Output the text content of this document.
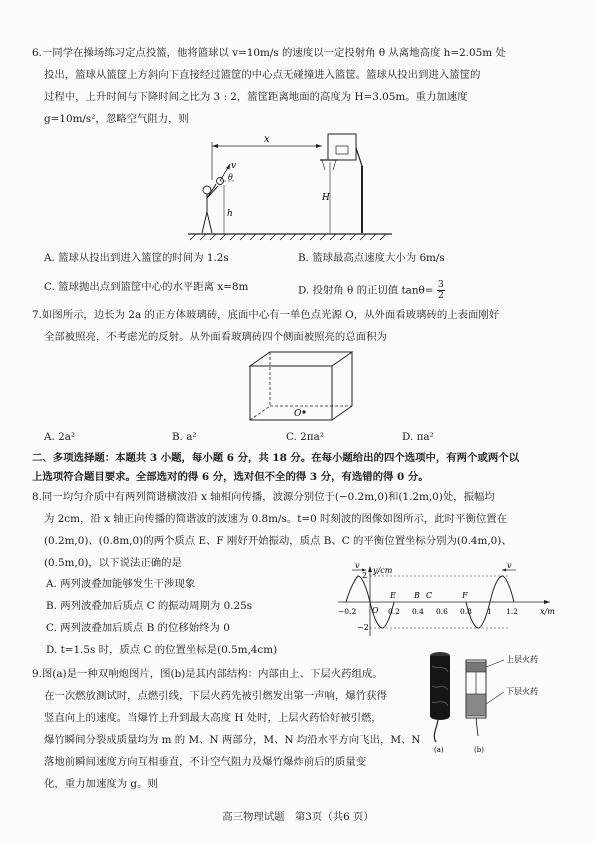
6.一同学在操场练习定点投篮，他将篮球以 v=10m/s 的速度以一定投射角 θ 从离地高度 h=2.05m 处
投出，篮球从篮筐上方斜向下直接经过篮筐的中心点无碰撞进入篮筐。篮球从投出到进入篮筐的
过程中，上升时间与下降时间之比为 3 : 2，篮筐距离地面的高度为 H=3.05m。重力加速度
g=10m/s²，忽略空气阻力，则
x
v
θ
h
H
A. 篮球从投出到进入篮筐的时间为 1.2s	B. 篮球最高点速度大小为 6m/s
C. 篮球抛出点到篮筐中心的水平距离 x=8m	D. 投射角 θ 的正切值 $\tan\theta= \frac{3}{2}$
7.如图所示，边长为 2a 的正方体玻璃砖，底面中心有一单色点光源 O，从外面看玻璃砖的上表面刚好
全部被照亮，不考虑光的反射。从外面看玻璃砖四个侧面被照亮的总面积为
O
A. 2a²	B. a²	C. 2πa²	D. πa²
二、多项选择题：本题共 3 小题，每小题 6 分，共 18 分。在每小题给出的四个选项中，有两个或两个以
上选项符合题目要求。全部选对的得 6 分，选对但不全的得 3 分，有选错的得 0 分。
8.同一均匀介质中有两列简谐横波沿 x 轴相向传播，波源分别位于(−0.2m,0)和(1.2m,0)处，振幅均
为 2cm，沿 x 轴正向传播的简谐波的波速为 0.8m/s。t=0 时刻波的图像如图所示，此时平衡位置在
(0.2m,0)、(0.8m,0)的两个质点 E、F 刚好开始振动，质点 B、C 的平衡位置坐标分别为(0.4m,0)、
(0.5m,0)，以下说法正确的是
A. 两列波叠加能够发生干涉现象
B. 两列波叠加后质点 C 的振动周期为 0.25s
C. 两列波叠加后质点 B 的位移始终为 0
D. t=1.5s 时，质点 C 的位置坐标是(0.5m,4cm)
y/cm
x/m
2
−2
O
v	v
E B C	F
−0.2	0.2 0.4 0.6 0.8 1 1.2
9.图(a)是一种双响炮图片，图(b)是其内部结构：内部由上、下层火药组成。
在一次燃放测试时，点燃引线，下层火药先被引燃发出第一声响，爆竹获得
竖直向上的速度。当爆竹上升到最大高度 H 处时，上层火药恰好被引燃，
爆竹瞬间分裂成质量均为 m 的 M、N 两部分，M、N 均沿水平方向飞出，M、N
落地前瞬间速度方向互相垂直，不计空气阻力及爆竹爆炸前后的质量变
化，重力加速度为 g。则
(a)
上层火药
下层火药
(b)
高三物理试题　第3页（共6 页）
